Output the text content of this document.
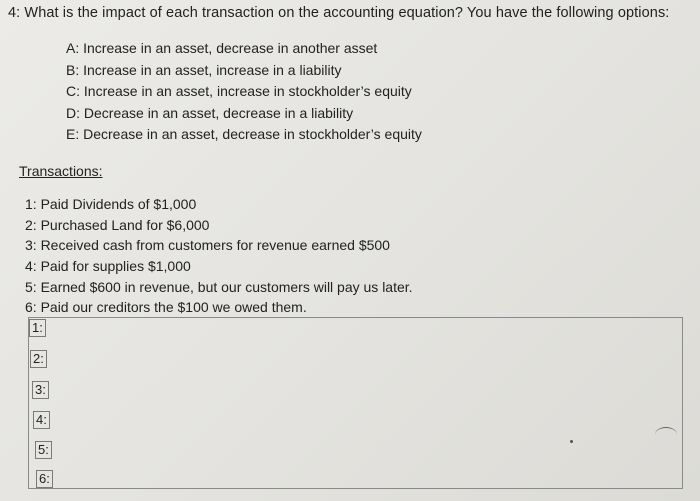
4: What is the impact of each transaction on the accounting equation? You have the following options:
A: Increase in an asset, decrease in another asset
B: Increase in an asset, increase in a liability
C: Increase in an asset, increase in stockholder’s equity
D: Decrease in an asset, decrease in a liability
E: Decrease in an asset, decrease in stockholder’s equity
Transactions:
1: Paid Dividends of $1,000
2: Purchased Land for $6,000
3: Received cash from customers for revenue earned $500
4: Paid for supplies $1,000
5: Earned $600 in revenue, but our customers will pay us later.
6: Paid our creditors the $100 we owed them.
1:
2:
3:
4:
5:
6:
